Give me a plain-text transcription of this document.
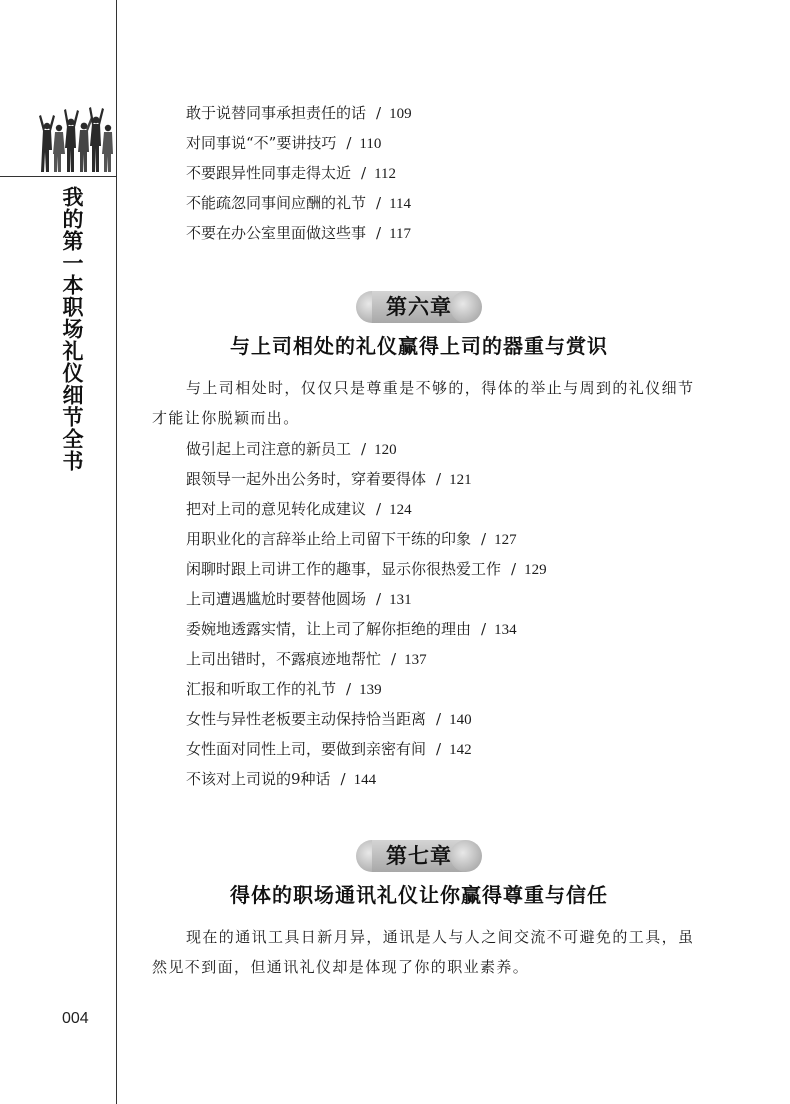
我的第一本职场礼仪细节全书
004
敢于说替同事承担责任的话 / 109
对同事说“不”要讲技巧 / 110
不要跟异性同事走得太近 / 112
不能疏忽同事间应酬的礼节 / 114
不要在办公室里面做这些事 / 117
第六章
与上司相处的礼仪赢得上司的器重与赏识
与上司相处时，仅仅只是尊重是不够的，得体的举止与周到的礼仪细节才能让你脱颖而出。
做引起上司注意的新员工 / 120
跟领导一起外出公务时，穿着要得体 / 121
把对上司的意见转化成建议 / 124
用职业化的言辞举止给上司留下干练的印象 / 127
闲聊时跟上司讲工作的趣事，显示你很热爱工作 / 129
上司遭遇尴尬时要替他圆场 / 131
委婉地透露实情，让上司了解你拒绝的理由 / 134
上司出错时，不露痕迹地帮忙 / 137
汇报和听取工作的礼节 / 139
女性与异性老板要主动保持恰当距离 / 140
女性面对同性上司，要做到亲密有间 / 142
不该对上司说的9种话 / 144
第七章
得体的职场通讯礼仪让你赢得尊重与信任
现在的通讯工具日新月异，通讯是人与人之间交流不可避免的工具，虽然见不到面，但通讯礼仪却是体现了你的职业素养。
